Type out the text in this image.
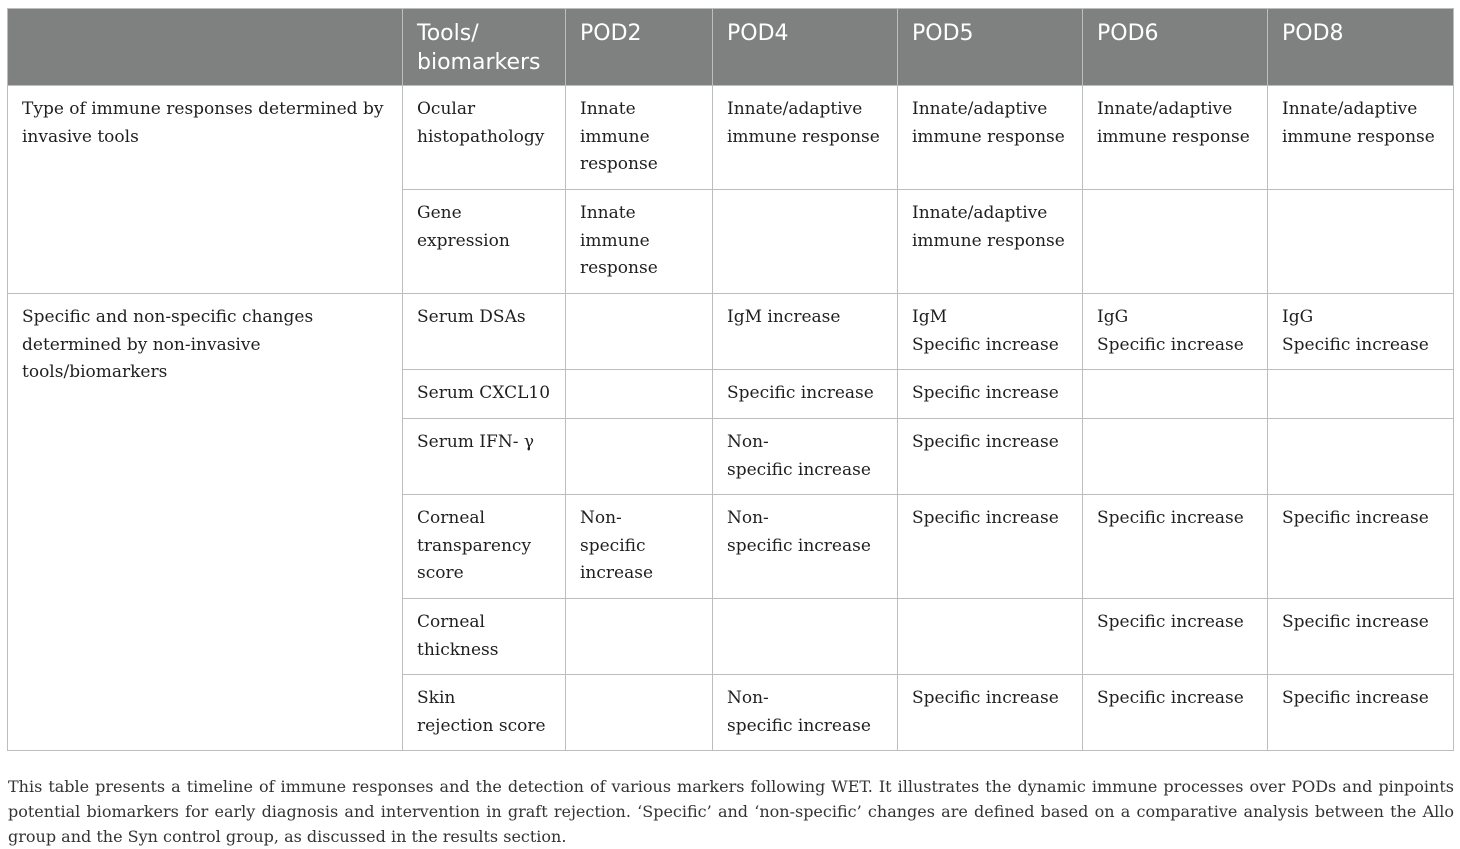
	Tools/
biomarkers	POD2	POD4	POD5	POD6	POD8
Type of immune responses determined by invasive tools	Ocular
histopathology	Innate
immune
response	Innate/adaptive
immune response	Innate/adaptive
immune response	Innate/adaptive
immune response	Innate/adaptive
immune response
	Gene expression	Innate
immune
response		Innate/adaptive
immune response		
Specific and non-specific changes determined by non-invasive tools/biomarkers	Serum DSAs		IgM increase	IgM
Specific increase	IgG
Specific increase	IgG
Specific increase
	Serum CXCL10		Specific increase	Specific increase		
	Serum IFN- γ		Non-
specific increase	Specific increase		
	Corneal
transparency
score	Non-
specific
increase	Non-
specific increase	Specific increase	Specific increase	Specific increase
	Corneal
thickness				Specific increase	Specific increase
	Skin
rejection score		Non-
specific increase	Specific increase	Specific increase	Specific increase

This table presents a timeline of immune responses and the detection of various markers following WET. It illustrates the dynamic immune processes over PODs and pinpoints potential biomarkers for early diagnosis and intervention in graft rejection. ‘Specific’ and ‘non-specific’ changes are defined based on a comparative analysis between the Allo group and the Syn control group, as discussed in the results section.
